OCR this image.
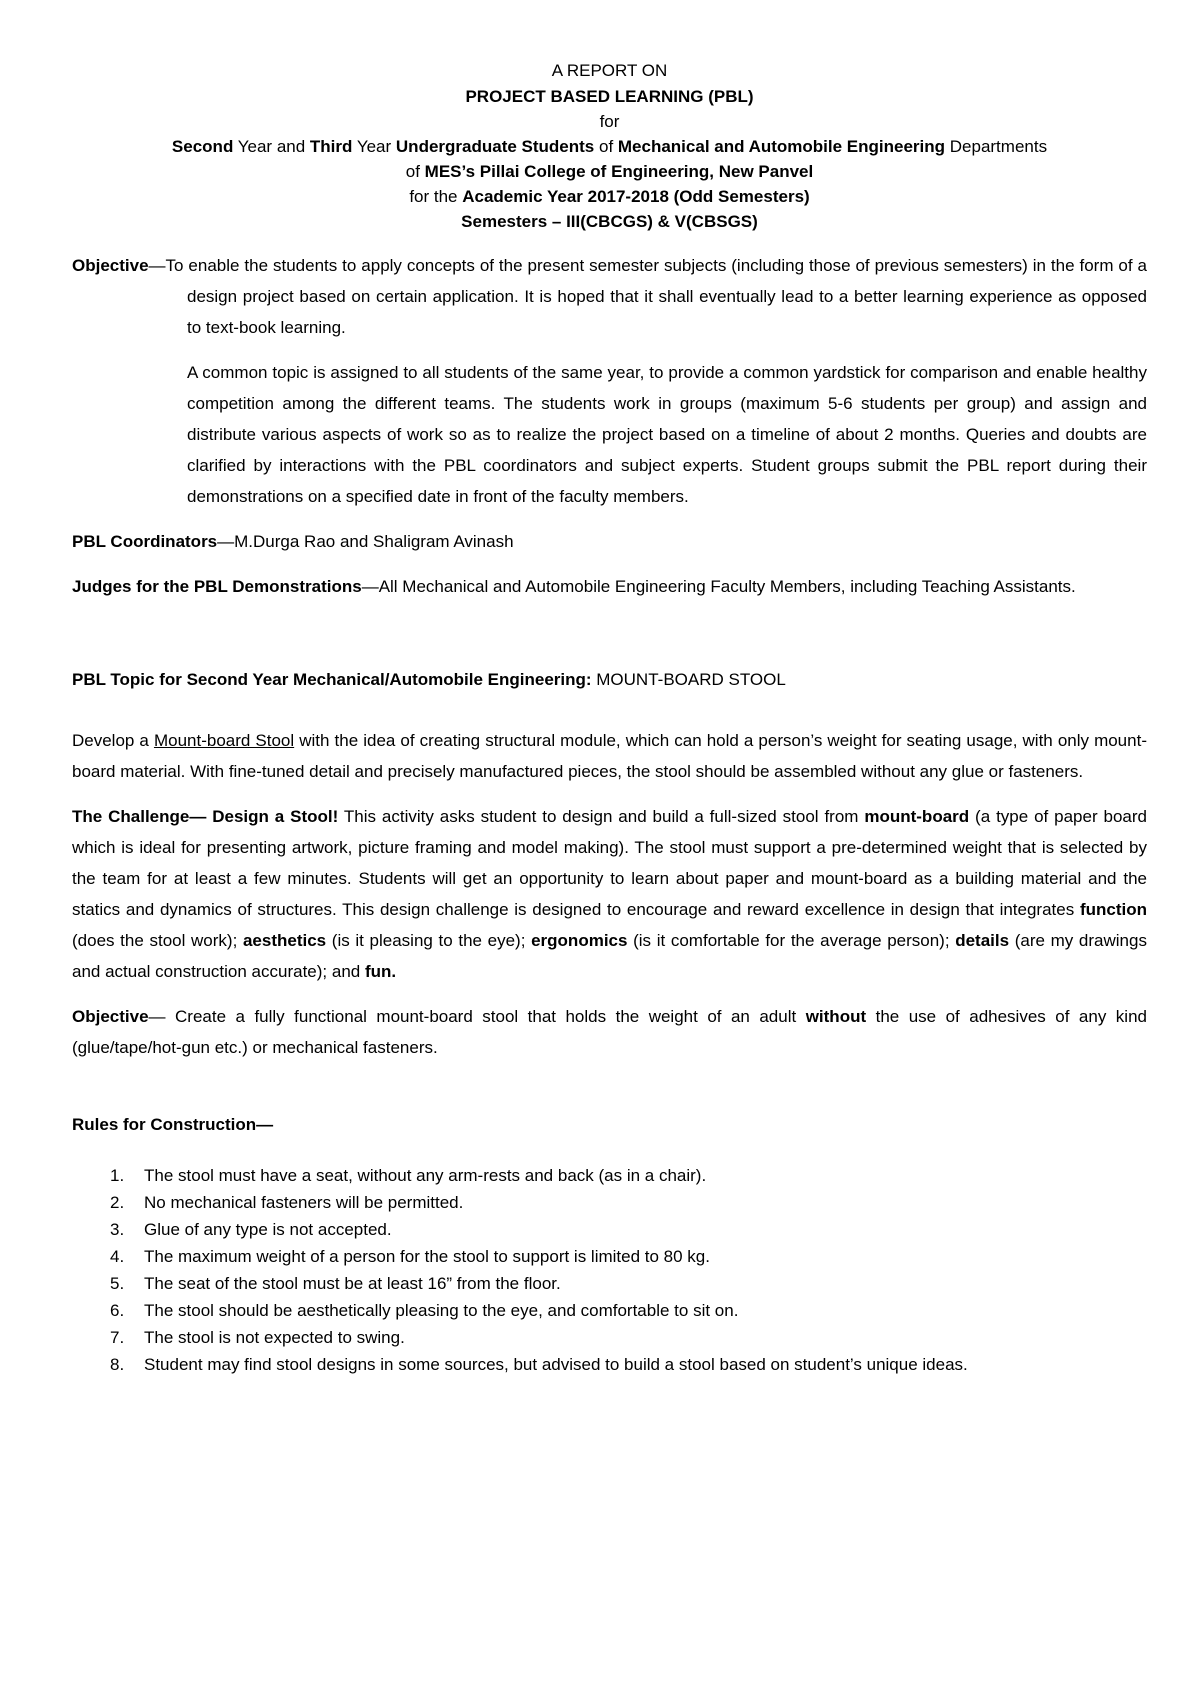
A REPORT ON
PROJECT BASED LEARNING (PBL)
for
Second Year and Third Year Undergraduate Students of Mechanical and Automobile Engineering Departments
of MES’s Pillai College of Engineering, New Panvel
for the Academic Year 2017-2018 (Odd Semesters)
Semesters – III(CBCGS) & V(CBSGS)

Objective—To enable the students to apply concepts of the present semester subjects (including those of previous semesters) in the form of a design project based on certain application. It is hoped that it shall eventually lead to a better learning experience as opposed to text-book learning.

A common topic is assigned to all students of the same year, to provide a common yardstick for comparison and enable healthy competition among the different teams. The students work in groups (maximum 5-6 students per group) and assign and distribute various aspects of work so as to realize the project based on a timeline of about 2 months. Queries and doubts are clarified by interactions with the PBL coordinators and subject experts. Student groups submit the PBL report during their demonstrations on a specified date in front of the faculty members.

PBL Coordinators—M.Durga Rao and Shaligram Avinash

Judges for the PBL Demonstrations—All Mechanical and Automobile Engineering Faculty Members, including Teaching Assistants.

PBL Topic for Second Year Mechanical/Automobile Engineering: MOUNT-BOARD STOOL

Develop a Mount-board Stool with the idea of creating structural module, which can hold a person’s weight for seating usage, with only mount-board material. With fine-tuned detail and precisely manufactured pieces, the stool should be assembled without any glue or fasteners.

The Challenge— Design a Stool! This activity asks student to design and build a full-sized stool from mount-board (a type of paper board which is ideal for presenting artwork, picture framing and model making). The stool must support a pre-determined weight that is selected by the team for at least a few minutes. Students will get an opportunity to learn about paper and mount-board as a building material and the statics and dynamics of structures. This design challenge is designed to encourage and reward excellence in design that integrates function (does the stool work); aesthetics (is it pleasing to the eye); ergonomics (is it comfortable for the average person); details (are my drawings and actual construction accurate); and fun.

Objective— Create a fully functional mount-board stool that holds the weight of an adult without the use of adhesives of any kind (glue/tape/hot-gun etc.) or mechanical fasteners.

Rules for Construction—

1.	The stool must have a seat, without any arm-rests and back (as in a chair).
2.	No mechanical fasteners will be permitted.
3.	Glue of any type is not accepted.
4.	The maximum weight of a person for the stool to support is limited to 80 kg.
5.	The seat of the stool must be at least 16” from the floor.
6.	The stool should be aesthetically pleasing to the eye, and comfortable to sit on.
7.	The stool is not expected to swing.
8.	Student may find stool designs in some sources, but advised to build a stool based on student’s unique ideas.
